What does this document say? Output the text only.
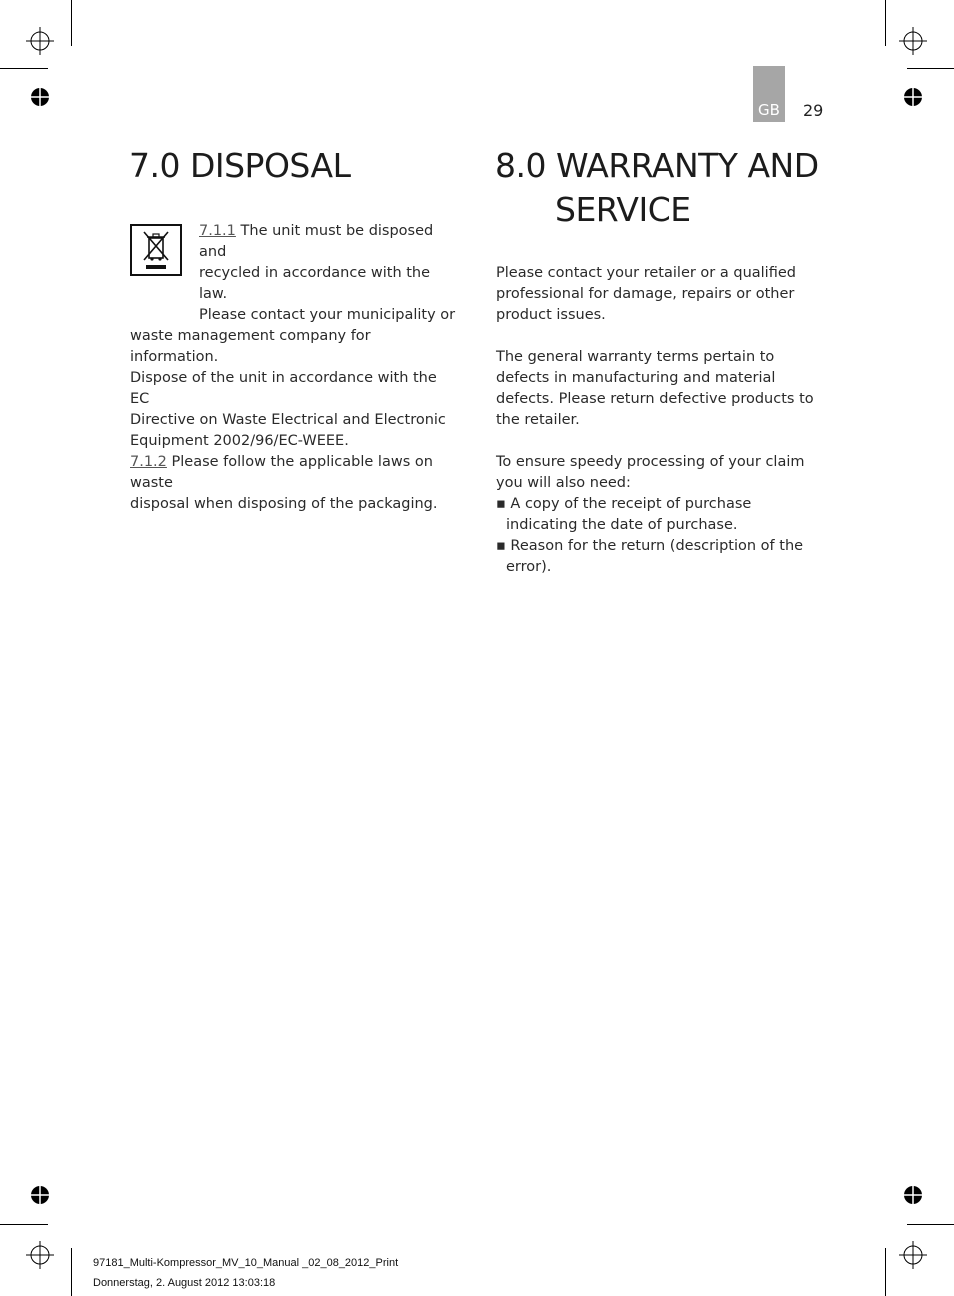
GB 29
7.0 DISPOSAL

7.1.1 The unit must be disposed and

recycled in accordance with the law.

Please contact your municipality or

waste management company for information.

Dispose of the unit in accordance with the EC

Directive on Waste Electrical and Electronic

Equipment 2002/96/EC-WEEE.

7.1.2 Please follow the applicable laws on waste

disposal when disposing of the packaging.

8.0 WARRANTY AND
SERVICE

Please contact your retailer or a qualified professional for damage, repairs or other product issues.

The general warranty terms pertain to defects in manufacturing and material defects. Please return defective products to the retailer.

To ensure speedy processing of your claim you will also need:

▪ A copy of the receipt of purchase indicating the date of purchase.

▪ Reason for the return (description of the error).

97181_Multi-Kompressor_MV_10_Manual _02_08_2012_Print
Donnerstag, 2. August 2012 13:03:18
